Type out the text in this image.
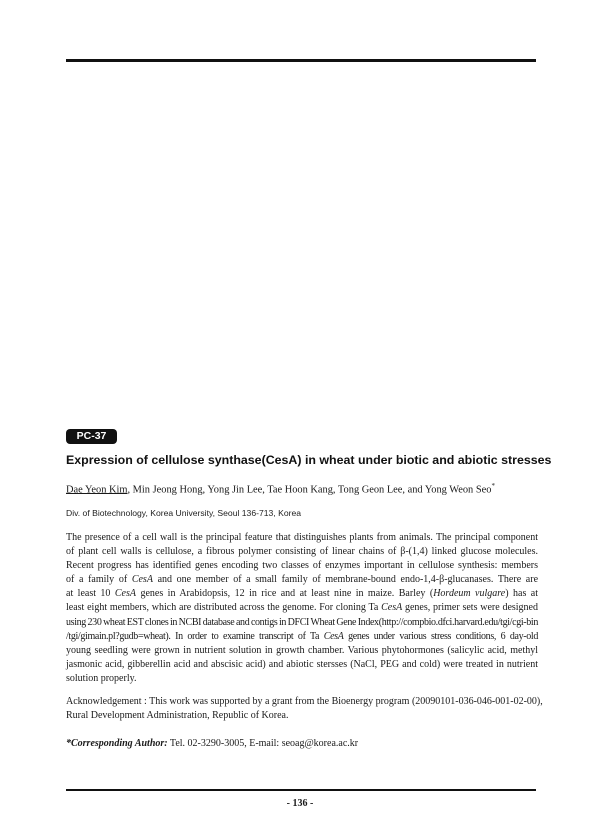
PC-37
Expression of cellulose synthase(CesA) in wheat under biotic and abiotic stresses
Dae Yeon Kim, Min Jeong Hong, Yong Jin Lee, Tae Hoon Kang, Tong Geon Lee, and Yong Weon Seo*
Div. of Biotechnology, Korea University, Seoul 136-713, Korea
The presence of a cell wall is the principal feature that distinguishes plants from animals. The principal component
of plant cell walls is cellulose, a fibrous polymer consisting of linear chains of β-(1,4) linked glucose molecules.
Recent progress has identified genes encoding two classes of enzymes important in cellulose synthesis: members
of a family of CesA and one member of a small family of membrane-bound endo-1,4-β-glucanases. There are
at least 10 CesA genes in Arabidopsis, 12 in rice and at least nine in maize. Barley (Hordeum vulgare) has at
least eight members, which are distributed across the genome. For cloning Ta CesA genes, primer sets were designed
using 230 wheat EST clones in NCBI database and contigs in DFCI Wheat Gene Index(http://compbio.dfci.harvard.edu/tgi/cgi-bin
/tgi/gimain.pl?gudb=wheat). In order to examine transcript of Ta CesA genes under various stress conditions, 6 day-old
young seedling were grown in nutrient solution in growth chamber. Various phytohormones (salicylic acid, methyl
jasmonic acid, gibberellin acid and abscisic acid) and abiotic stersses (NaCl, PEG and cold) were treated in nutrient
solution properly.
Acknowledgement : This work was supported by a grant from the Bioenergy program (20090101-036-046-001-02-00),
Rural Development Administration, Republic of Korea.
*Corresponding Author: Tel. 02-3290-3005, E-mail: seoag@korea.ac.kr
- 136 -
